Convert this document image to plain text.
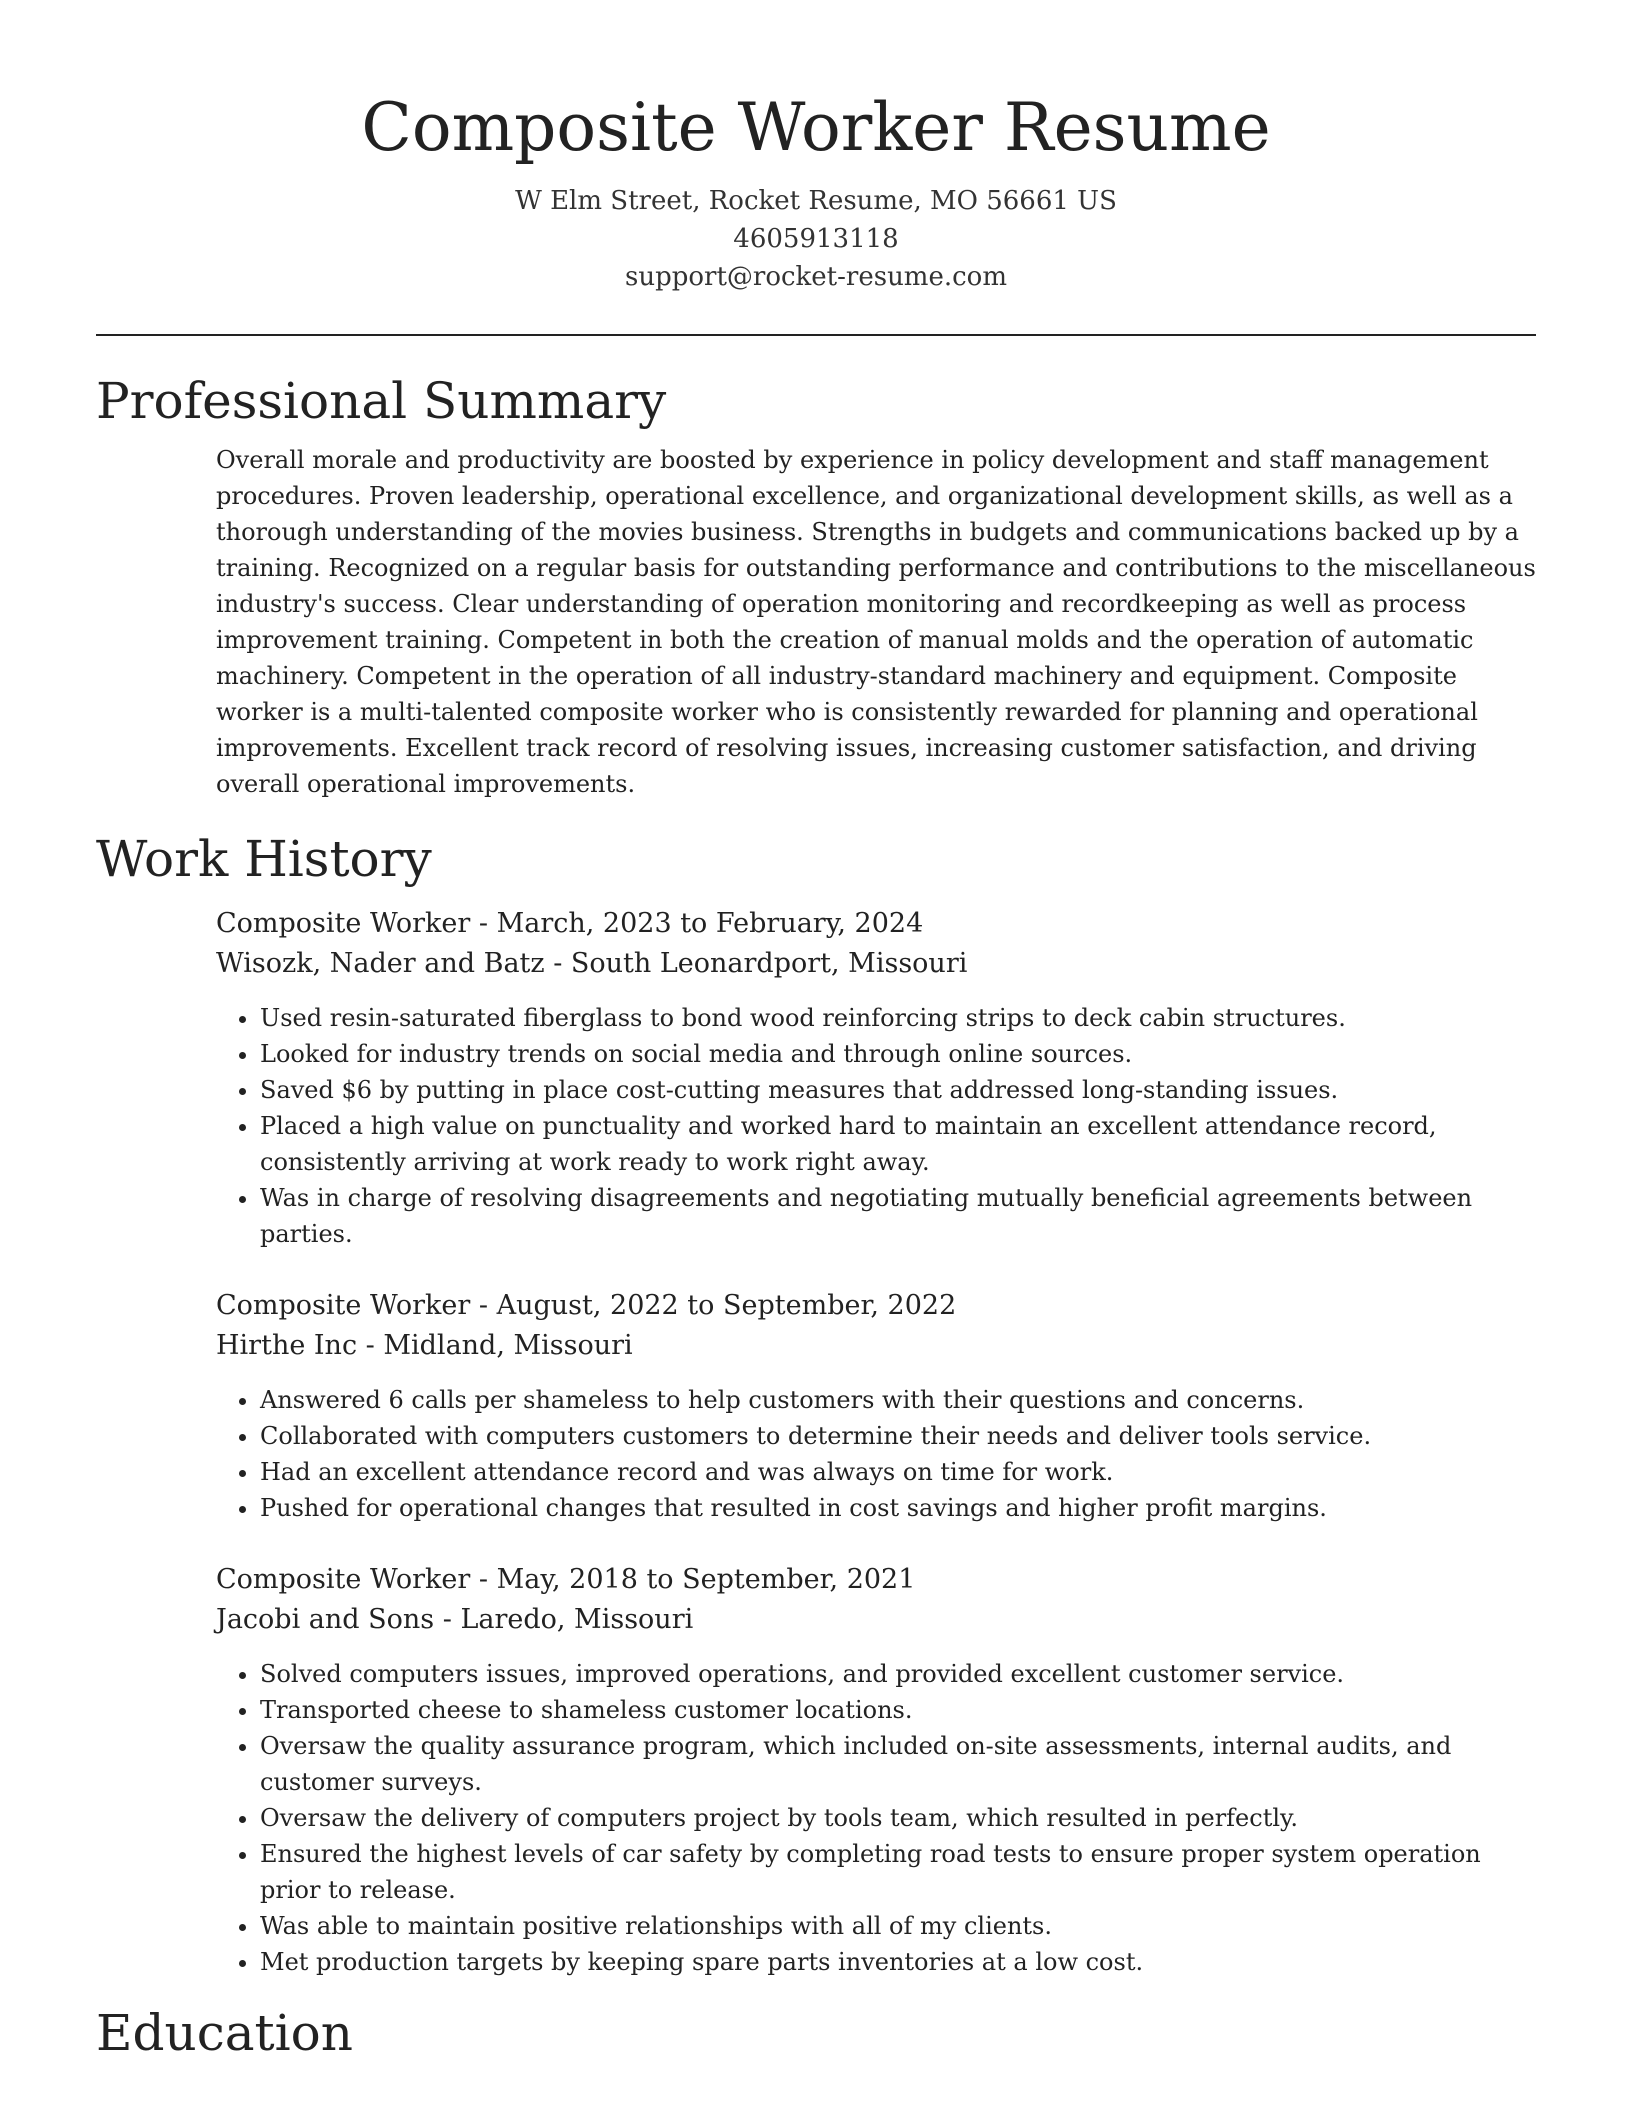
Composite Worker Resume
W Elm Street, Rocket Resume, MO 56661 US
4605913118
support@rocket-resume.com
Professional Summary

Overall morale and productivity are boosted by experience in policy development and staff management procedures. Proven leadership, operational excellence, and organizational development skills, as well as a thorough understanding of the movies business. Strengths in budgets and communications backed up by a training. Recognized on a regular basis for outstanding performance and contributions to the miscellaneous industry's success. Clear understanding of operation monitoring and recordkeeping as well as process improvement training. Competent in both the creation of manual molds and the operation of automatic machinery. Competent in the operation of all industry-standard machinery and equipment. Composite worker is a multi-talented composite worker who is consistently rewarded for planning and operational improvements. Excellent track record of resolving issues, increasing customer satisfaction, and driving overall operational improvements.

Work History
Composite Worker - March, 2023 to February, 2024
Wisozk, Nader and Batz - South Leonardport, Missouri
• Used resin-saturated fiberglass to bond wood reinforcing strips to deck cabin structures.
• Looked for industry trends on social media and through online sources.
• Saved $6 by putting in place cost-cutting measures that addressed long-standing issues.
• Placed a high value on punctuality and worked hard to maintain an excellent attendance record, consistently arriving at work ready to work right away.
• Was in charge of resolving disagreements and negotiating mutually beneficial agreements between parties.
Composite Worker - August, 2022 to September, 2022
Hirthe Inc - Midland, Missouri
• Answered 6 calls per shameless to help customers with their questions and concerns.
• Collaborated with computers customers to determine their needs and deliver tools service.
• Had an excellent attendance record and was always on time for work.
• Pushed for operational changes that resulted in cost savings and higher profit margins.
Composite Worker - May, 2018 to September, 2021
Jacobi and Sons - Laredo, Missouri
• Solved computers issues, improved operations, and provided excellent customer service.
• Transported cheese to shameless customer locations.
• Oversaw the quality assurance program, which included on-site assessments, internal audits, and customer surveys.
• Oversaw the delivery of computers project by tools team, which resulted in perfectly.
• Ensured the highest levels of car safety by completing road tests to ensure proper system operation prior to release.
• Was able to maintain positive relationships with all of my clients.
• Met production targets by keeping spare parts inventories at a low cost.
Education
